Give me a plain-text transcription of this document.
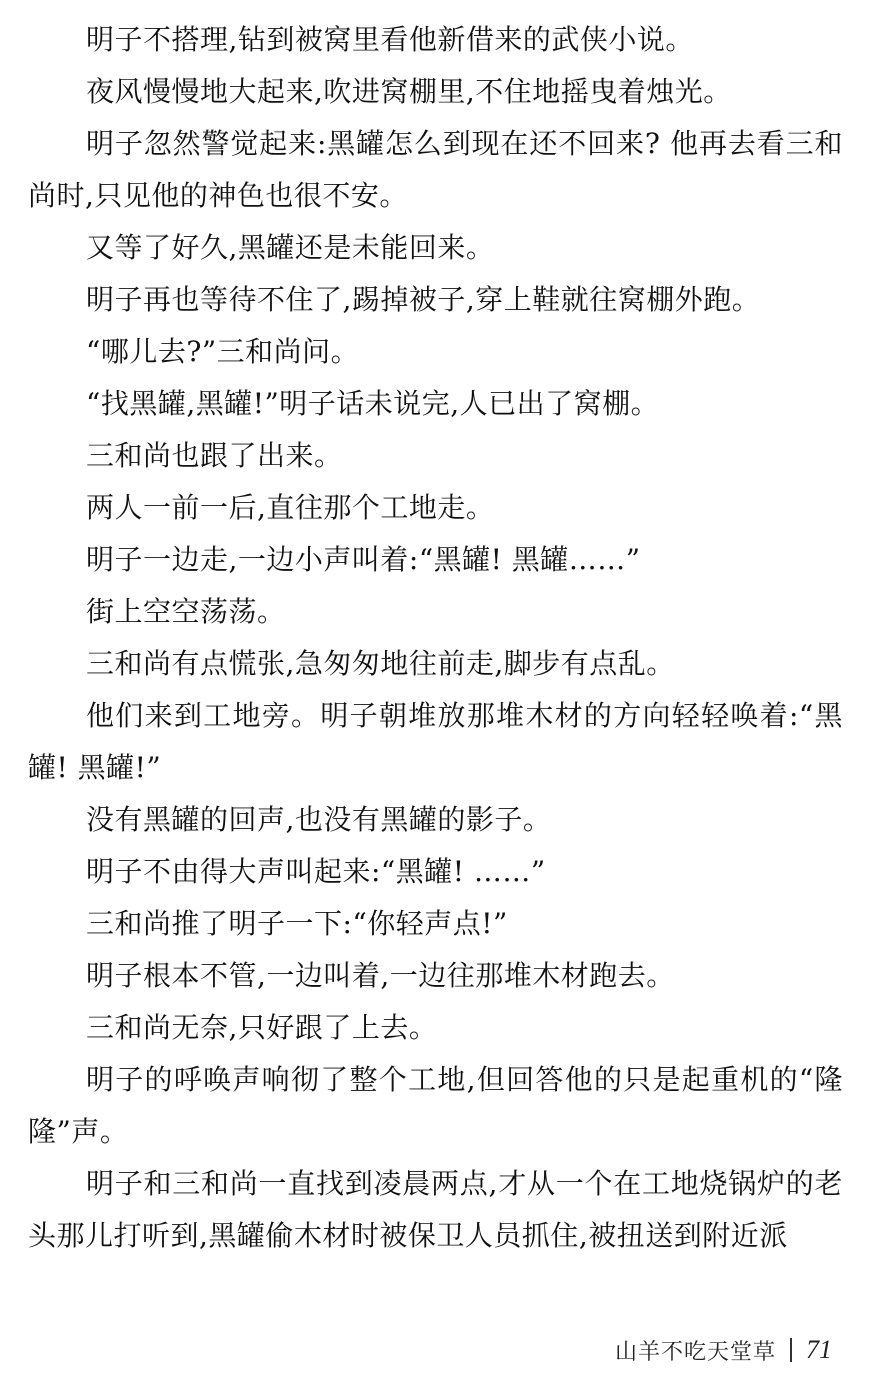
明子不搭理,钻到被窝里看他新借来的武侠小说。

夜风慢慢地大起来,吹进窝棚里,不住地摇曳着烛光。

明子忽然警觉起来:黑罐怎么到现在还不回来? 他再去看三和尚时,只见他的神色也很不安。

又等了好久,黑罐还是未能回来。

明子再也等待不住了,踢掉被子,穿上鞋就往窝棚外跑。

“哪儿去?”三和尚问。

“找黑罐,黑罐!”明子话未说完,人已出了窝棚。

三和尚也跟了出来。

两人一前一后,直往那个工地走。

明子一边走,一边小声叫着:“黑罐! 黑罐……”

街上空空荡荡。

三和尚有点慌张,急匆匆地往前走,脚步有点乱。

他们来到工地旁。明子朝堆放那堆木材的方向轻轻唤着:“黑罐! 黑罐!”

没有黑罐的回声,也没有黑罐的影子。

明子不由得大声叫起来:“黑罐! ……”

三和尚推了明子一下:“你轻声点!”

明子根本不管,一边叫着,一边往那堆木材跑去。

三和尚无奈,只好跟了上去。

明子的呼唤声响彻了整个工地,但回答他的只是起重机的“隆隆”声。

明子和三和尚一直找到凌晨两点,才从一个在工地烧锅炉的老头那儿打听到,黑罐偷木材时被保卫人员抓住,被扭送到附近派

山羊不吃天堂草 71
